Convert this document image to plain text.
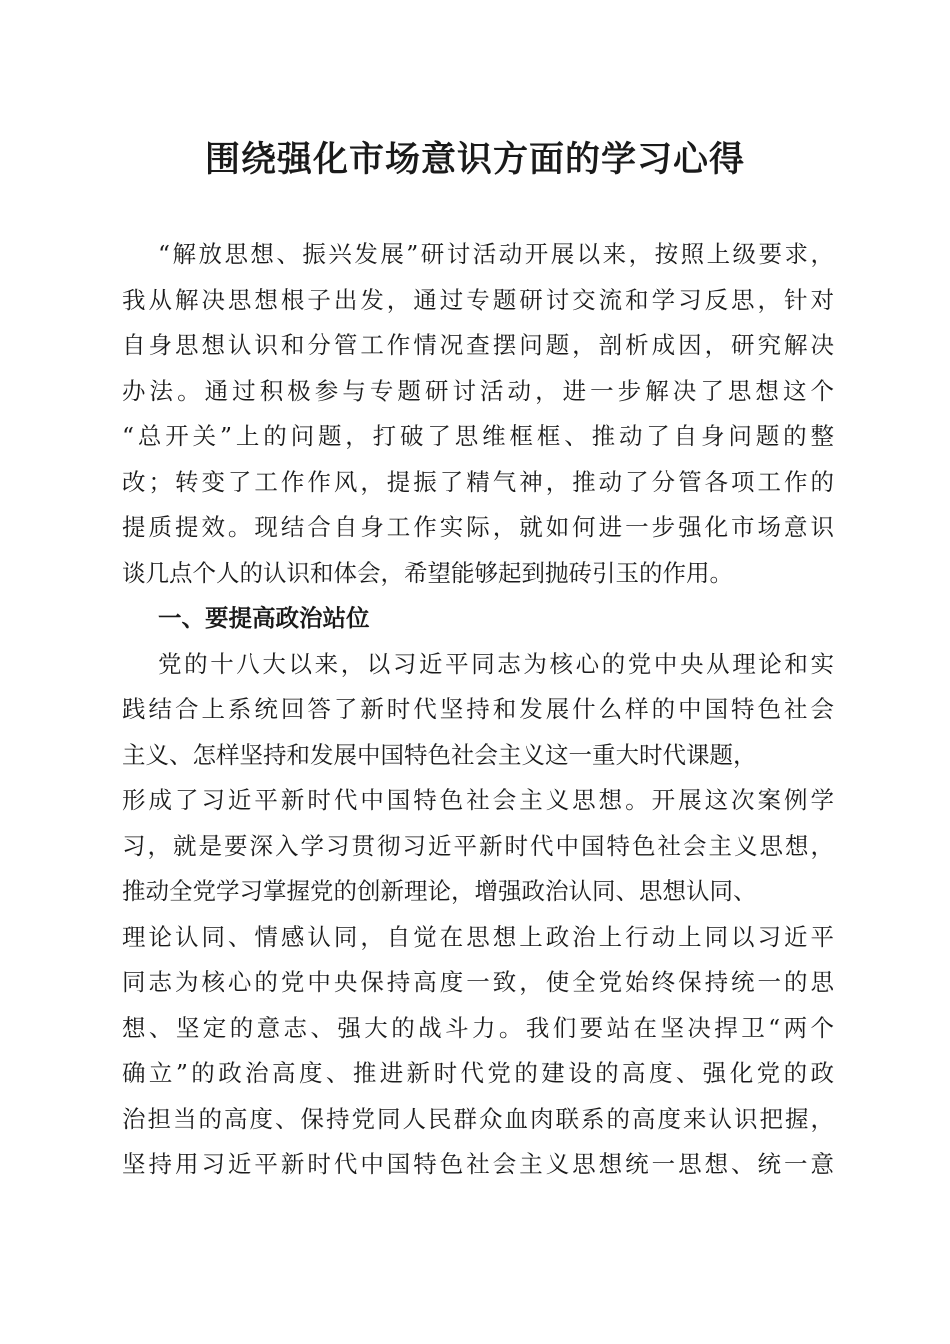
围绕强化市场意识方面的学习心得
“解放思想、振兴发展”研讨活动开展以来，按照上级要求，
我从解决思想根子出发，通过专题研讨交流和学习反思，针对
自身思想认识和分管工作情况查摆问题，剖析成因，研究解决
办法。通过积极参与专题研讨活动，进一步解决了思想这个
“总开关”上的问题，打破了思维框框、推动了自身问题的整
改；转变了工作作风，提振了精气神，推动了分管各项工作的
提质提效。现结合自身工作实际，就如何进一步强化市场意识
谈几点个人的认识和体会，希望能够起到抛砖引玉的作用。
一、要提高政治站位
党的十八大以来，以习近平同志为核心的党中央从理论和实
践结合上系统回答了新时代坚持和发展什么样的中国特色社会
主义、怎样坚持和发展中国特色社会主义这一重大时代课题，
形成了习近平新时代中国特色社会主义思想。开展这次案例学
习，就是要深入学习贯彻习近平新时代中国特色社会主义思想，
推动全党学习掌握党的创新理论，增强政治认同、思想认同、
理论认同、情感认同，自觉在思想上政治上行动上同以习近平
同志为核心的党中央保持高度一致，使全党始终保持统一的思
想、坚定的意志、强大的战斗力。我们要站在坚决捍卫“两个
确立”的政治高度、推进新时代党的建设的高度、强化党的政
治担当的高度、保持党同人民群众血肉联系的高度来认识把握，
坚持用习近平新时代中国特色社会主义思想统一思想、统一意
